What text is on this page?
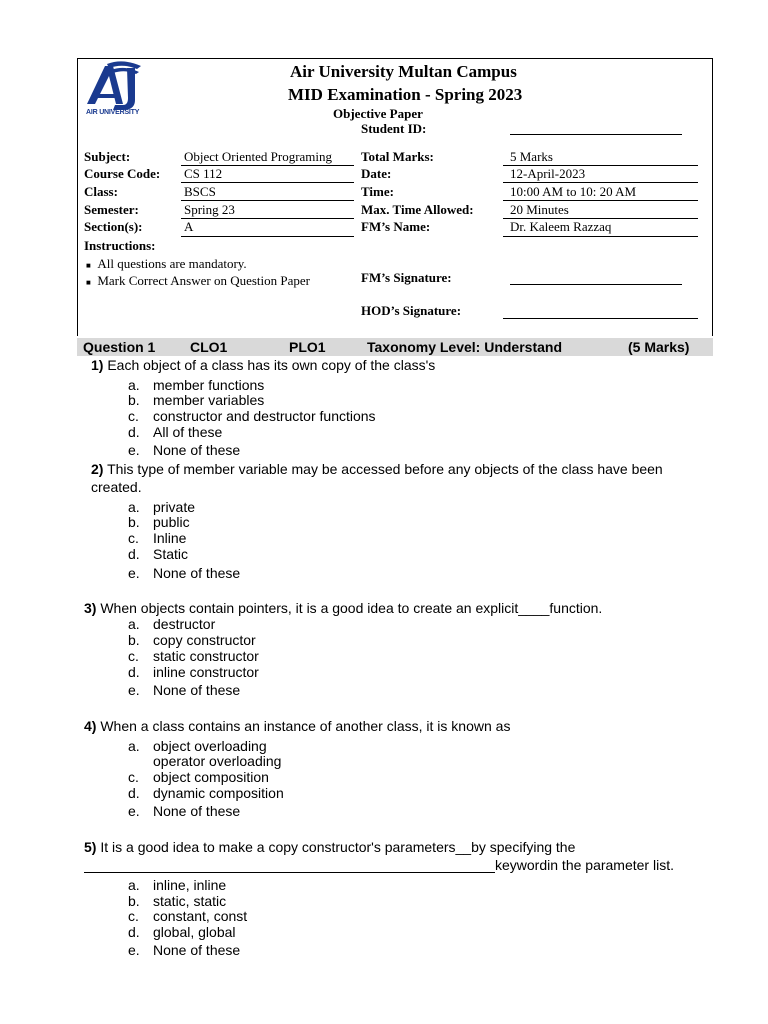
AIR UNIVERSITY
Air University Multan Campus
MID Examination - Spring 2023
Objective Paper
Student ID:
Subject:	Object Oriented Programing
Course Code: CS 112
Class:	BSCS
Semester:	Spring 23
Section(s):	A
Total Marks:	5 Marks
Date:	12-April-2023
Time:	10:00 AM to 10: 20 AM
Max. Time Allowed:	20 Minutes
FM’s Name:	Dr. Kaleem Razzaq
Instructions:
■ All questions are mandatory.
■ Mark Correct Answer on Question Paper	FM’s Signature:
HOD’s Signature:
Question 1 CLO1	PLO1	Taxonomy Level: Understand	(5 Marks)
1) Each object of a class has its own copy of the class's
a. member functions
b. member variables
c. constructor and destructor functions
d. All of these
e. None of these
2) This type of member variable may be accessed before any objects of the class have been
created.
a. private
b. public
c. Inline
d. Static
e. None of these
3) When objects contain pointers, it is a good idea to create an explicit____function.
a. destructor
b. copy constructor
c. static constructor
d. inline constructor
e. None of these
4) When a class contains an instance of another class, it is known as
a. object overloading
operator overloading
c. object composition
d. dynamic composition
e. None of these
5) It is a good idea to make a copy constructor's parameters__by specifying the
keywordin the parameter list.
a. inline, inline
b. static, static
c. constant, const
d. global, global
e. None of these
